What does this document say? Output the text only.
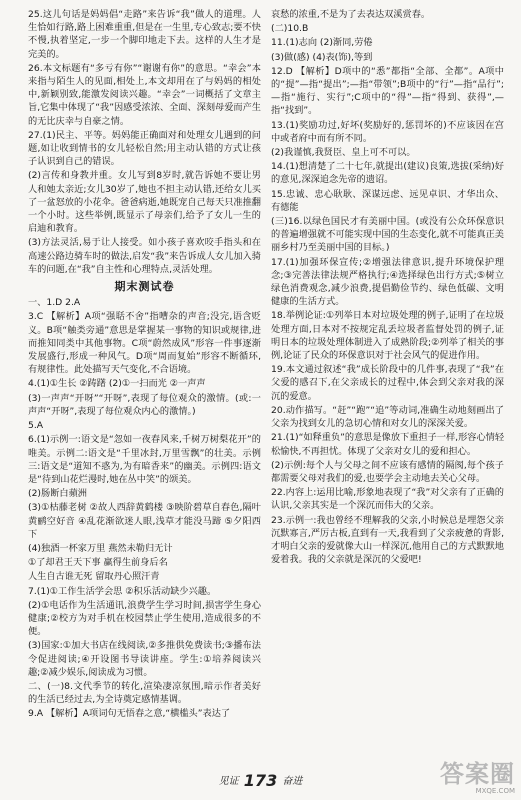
25.这儿句话是妈妈倡“走路”来告诉“我”做人的道理。人生恰如行路,路上困难重重,但是在一生里,专心致志;要不快不慢,执着坚定,一步一个脚印地走下去。这样的人生才是完美的。

26.本文标题有“多亏有你”“谢谢有你”的意思。“幸会”本来指与陌生人的见面,相处上,本文却用在了与妈妈的相处中,新颖别致,能激发阅读兴趣。“幸会”一词概括了文章主旨,它集中体现了“我”因感受浓浓、全面、深刻母爱而产生的无比庆幸与自豪之情。

27.(1)民主、平等。妈妈能正确面对和处理女儿遇到的问题,如让收到情书的女儿轻松自然;用主动认错的方式让孩子认识到自己的错误。

(2)言传和身教并重。女儿写到8岁时,就告诉她不要让男人和她太亲近;女儿30岁了,她也不担主动认错,还给女儿买了一盆怒放的小花伞。爸爸病逝,她既宠自己每天只准推翻一个小时。这些举例,既显示了母亲们,给予了女儿一生的启迪和教育。

(3)方法灵活,易于让人接受。如小孩子喜欢咬手指头和在高速公路边骑车时的做法,启发“我”来告诉成人女儿加入骑车的问题,在“我”自主性和心理特点,灵活处理。

期末测试卷

一、1.D 2.A

3.C 【解析】A项“强聒不舍”指嘈杂的声音;没完,语含贬义。B项“触类旁通”意思是掌握某一事物的知识或规律,进而推知同类中其他事物。C项“蔚然成风”形容一件事逐渐发展盛行,形成一种风气。D项“周而复始”形容不断循环,有规律性。此处描写天气变化,不合语境。

4.(1)①生长 ②踌躇 (2)①一扫而光 ②一声声

(3)一声声“开呀”“开呀”,表现了每位观众的激情。(或:一声声“开呀”,表现了每位观众内心的激情。)

5.A

6.(1)示例一:语文是“忽如一夜春风来,千树万树梨花开”的唯美。示例二:语文是“千里冰封,万里雪飘”的壮美。示例三:语文是“道知不惑为,为有暗香来”的幽美。示例四:语文是“待到山花烂漫时,她在丛中笑”的颂美。

(2)肠断白蘋洲

(3)①枯藤老树 ②故人西辞黄鹤楼 ③映阶碧草自春色,隔叶黄鹂空好音 ④乱花渐欲迷人眼,浅草才能没马蹄 ⑤夕阳西下

(4)独酒一杯家万里 燕然未勒归无计

①了却君王天下事 赢得生前身后名

人生自古谁无死 留取丹心照汗青

7.(1)①工作生活学会思 ②积乐活动缺少兴趣。

(2)①电话作为生活通讯,浪费学生学习时间,损害学生身心健康;②校方为对手机在校园禁止学生使用,造成很多的不便。

(3)国家:①加大书店在线阅读,②多推供免费读书;③播布法令促进阅读;④开设图书导读讲座。学生:①培养阅读兴趣;②减少娱乐,阅读成为习惯。

二、(一)8.文代季节的转化,渲染凄凉氛围,暗示作者美好的生活已经过去,为全诗奠定感情基调。

9.A 【解析】A项词句无悟春之意,“横槛头”表达了

哀愁的浓重,不是为了去表达双溪赏春。

(二)10.B

11.(1)志向 (2)渐同,劳倦

(3)做(感) (4)表(饰),等到

12.D 【解析】D项中的“悉”都指“全部、全都”。A项中的“提”—指“提出”;—指“带领”;B项中的“行”—指“品行”;—指“施行、实行”;C项中的“得”—指“得到、获得”,—指“找到”。

13.(1)奖励功过,好坏(奖励好的,惩罚坏的)不应该因在宫中或者府中而有所不同。

(2)我谨慎,我贤臣、皇上可不可以。

14.(1)想清楚了二十七年,就提出(建议)良策,选拔(采纳)好的意见,深深追念先帝的遗诏。

15.忠诚、忠心耿耿、深谋远虑、远见卓识、才华出众、有德能

(三)16.以绿色国民才有美丽中国。(或没有公众环保意识的普遍增强就不可能实现中国的生态变化,就不可能真正美丽乡村乃至美丽中国的目标。)

17.(1)加强环保宣传;②增强法律意识,提升环境保护理念;③完善法律法规严格执行;④选择绿色出行方式;⑤树立绿色消费观念,减少浪费,提倡勤俭节约、绿色低碳、文明健康的生活方式。

18.举例论证:①列举日本对垃圾处理的例子,证明了在垃圾处理方面,日本对不按规定乱丢垃圾者监督处罚的例子,证明日本的垃圾处理体制进入了成熟阶段;②列举了相关的事例,论证了民众的环保意识对于社会风气的促进作用。

19.本文通过叙述“我”成长阶段中的几件事,表现了“我”在父爱的感召下,在父亲成长的过程中,体会到父亲对我的深沉的爱意。

20.动作描写。“赶”“跑”“追”等动词,准确生动地刻画出了父亲为找到女儿的急切心情和对女儿的深深关爱。

21.(1)“如释重负”的意思是像放下重担子一样,形容心情轻松愉快,不再担忧。体现了父亲对女儿的爱和担心。

(2)示例:每个人与父母之间不应该有感情的隔阂,每个孩子都需要父母对我们的爱,也要学会主动地去关心父母。

22.内容上:运用比喻,形象地表现了“我”对父亲有了正确的认识,父亲其实是一个深沉而伟大的父亲。

23.示例一:我也曾经不理解我的父亲,小时候总是埋怨父亲沉默寡言,严厉古板,直到有一天,我看到了父亲疲惫的背影,才明白父亲的爱就像大山一样深沉,他用自己的方式默默地爱着我。我的父亲就是深沉的父爱吧!

见证 173 奋进	答案圈
MXQE.COM
